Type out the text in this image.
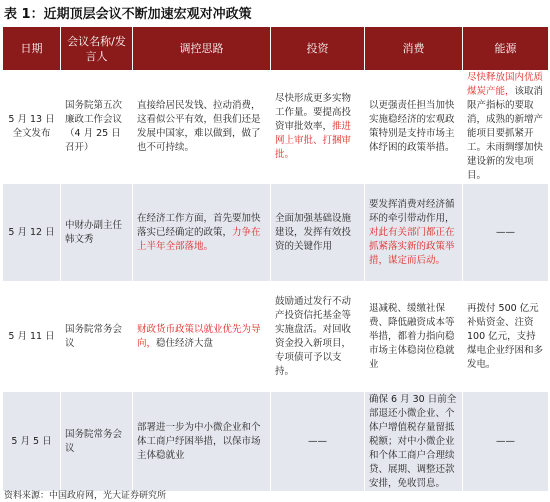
表 1：近期顶层会议不断加速宏观对冲政策
日期	会议名称/发言人	调控思路	投资	消费	能源
5 月 13 日全文发布	国务院第五次廉政工作会议（4 月 25 日召开）	直接给居民发钱、拉动消费，这看似公平有效，但我们还是发展中国家，难以做到，做了也不可持续。	尽快形成更多实物工作量。要提高投资审批效率，推进网上审批、打捆审批。	以更强责任担当加快实施稳经济的宏观政策特别是支持市场主体纾困的政策举措。	尽快释放国内优质煤炭产能，该取消限产指标的要取消，成熟的新增产能项目要抓紧开工。未雨绸缪加快建设新的发电项目。
5 月 12 日	中财办副主任韩文秀	在经济工作方面，首先要加快落实已经确定的政策，力争在上半年全部落地。	全面加强基础设施建设，发挥有效投资的关键作用	要发挥消费对经济循环的牵引带动作用，对此有关部门都正在抓紧落实新的政策举措，谋定而后动。	——
5 月 11 日	国务院常务会议	财政货币政策以就业优先为导向，稳住经济大盘	鼓励通过发行不动产投资信托基金等实施盘活。对回收资金投入新项目，专项债可予以支持。	退减税、缓缴社保费、降低融资成本等举措，都着力指向稳市场主体稳岗位稳就业	再拨付 500 亿元补贴资金、注资 100 亿元，支持煤电企业纾困和多发电。
5 月 5 日	国务院常务会议	部署进一步为中小微企业和个体工商户纾困举措，以保市场主体稳就业	——	确保 6 月 30 日前全部退还小微企业、个体户增值税存量留抵税额；对中小微企业和个体工商户合理续贷、展期、调整还款安排，免收罚息。	——
资料来源：中国政府网，光大证券研究所
